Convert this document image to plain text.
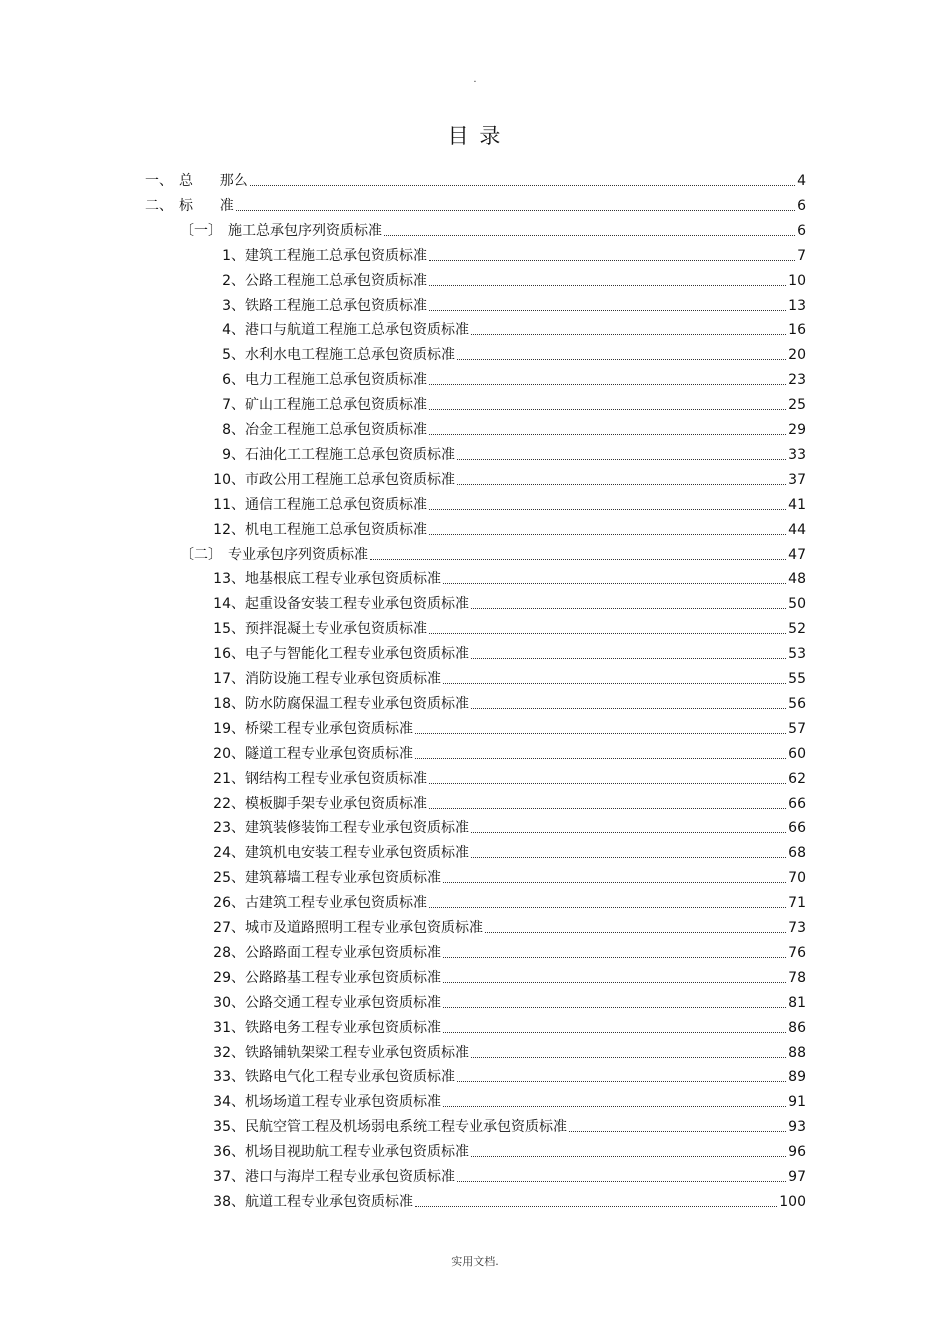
.
目 录
一、 总      那么	4
二、 标      准	6
〔一〕 施工总承包序列资质标准	6
1、 建筑工程施工总承包资质标准	7
2、 公路工程施工总承包资质标准	10
3、 铁路工程施工总承包资质标准	13
4、 港口与航道工程施工总承包资质标准	16
5、 水利水电工程施工总承包资质标准	20
6、 电力工程施工总承包资质标准	23
7、 矿山工程施工总承包资质标准	25
8、 冶金工程施工总承包资质标准	29
9、 石油化工工程施工总承包资质标准	33
10、 市政公用工程施工总承包资质标准	37
11、 通信工程施工总承包资质标准	41
12、 机电工程施工总承包资质标准	44
〔二〕 专业承包序列资质标准	47
13、 地基根底工程专业承包资质标准	48
14、 起重设备安装工程专业承包资质标准	50
15、 预拌混凝土专业承包资质标准	52
16、 电子与智能化工程专业承包资质标准	53
17、 消防设施工程专业承包资质标准	55
18、 防水防腐保温工程专业承包资质标准	56
19、 桥梁工程专业承包资质标准	57
20、 隧道工程专业承包资质标准	60
21、 钢结构工程专业承包资质标准	62
22、 模板脚手架专业承包资质标准	66
23、 建筑装修装饰工程专业承包资质标准	66
24、 建筑机电安装工程专业承包资质标准	68
25、 建筑幕墙工程专业承包资质标准	70
26、 古建筑工程专业承包资质标准	71
27、 城市及道路照明工程专业承包资质标准	73
28、 公路路面工程专业承包资质标准	76
29、 公路路基工程专业承包资质标准	78
30、 公路交通工程专业承包资质标准	81
31、 铁路电务工程专业承包资质标准	86
32、 铁路铺轨架梁工程专业承包资质标准	88
33、 铁路电气化工程专业承包资质标准	89
34、 机场场道工程专业承包资质标准	91
35、 民航空管工程及机场弱电系统工程专业承包资质标准	93
36、 机场目视助航工程专业承包资质标准	96
37、 港口与海岸工程专业承包资质标准	97
38、 航道工程专业承包资质标准	100
实用文档.
